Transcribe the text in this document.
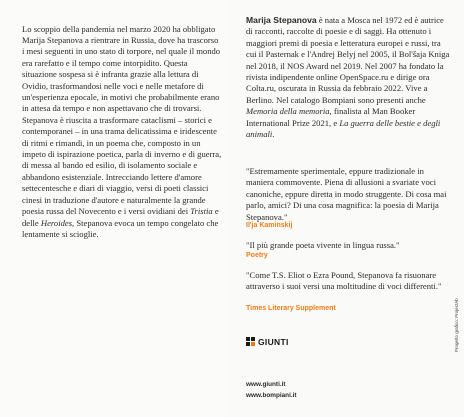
Lo scoppio della pandemia nel marzo 2020 ha obbligato Marija Stepanova a rientrare in Russia, dove ha trascorso i mesi seguenti in uno stato di torpore, nel quale il mondo era rarefatto e il tempo come intorpidito. Questa situazione sospesa si è infranta grazie alla lettura di Ovidio, trasformandosi nelle voci e nelle metafore di un'esperienza epocale, in motivi che probabilmente erano in attesa da tempo e non aspettavano che di trovarsi. Stepanova è riuscita a trasformare cataclismi – storici e contemporanei – in una trama delicatissima e iridescente di ritmi e rimandi, in un poema che, composto in un impeto di ispirazione poetica, parla di inverno e di guerra, di messa al bando ed esilio, di isolamento sociale e abbandono esistenziale. Intrecciando lettere d'amore settecentesche e diari di viaggio, versi di poeti classici cinesi in traduzione d'autore e naturalmente la grande poesia russa del Novecento e i versi ovidiani dei Tristia e delle Heroides, Stepanova evoca un tempo congelato che lentamente si scioglie.

Marija Stepanova è nata a Mosca nel 1972 ed è autrice di racconti, raccolte di poesie e di saggi. Ha ottenuto i maggiori premi di poesia e letteratura europei e russi, tra cui il Pasternak e l'Andrej Belyj nel 2005, il Bol'šaja Kniga nel 2018, il NOS Award nel 2019. Nel 2007 ha fondato la rivista indipendente online OpenSpace.ru e dirige ora Colta.ru, oscurata in Russia da febbraio 2022. Vive a Berlino. Nel catalogo Bompiani sono presenti anche Memoria della memoria, finalista al Man Booker International Prize 2021, e La guerra delle bestie e degli animali.

"Estremamente sperimentale, eppure tradizionale in maniera commovente. Piena di allusioni a svariate voci canoniche, eppure diretta in modo struggente. Di cosa mai parlo, amici? Di una cosa magnifica: la poesia di Marija Stepanova."

Il'ja Kaminskij

"Il più grande poeta vivente in lingua russa."

Poetry

"Come T.S. Eliot o Ezra Pound, Stepanova fa risuonare attraverso i suoi versi una moltitudine di voci differenti."

Times Literary Supplement
GIUNTI
www.giunti.it
www.bompiani.it
Progetto grafico: ProjectAb
